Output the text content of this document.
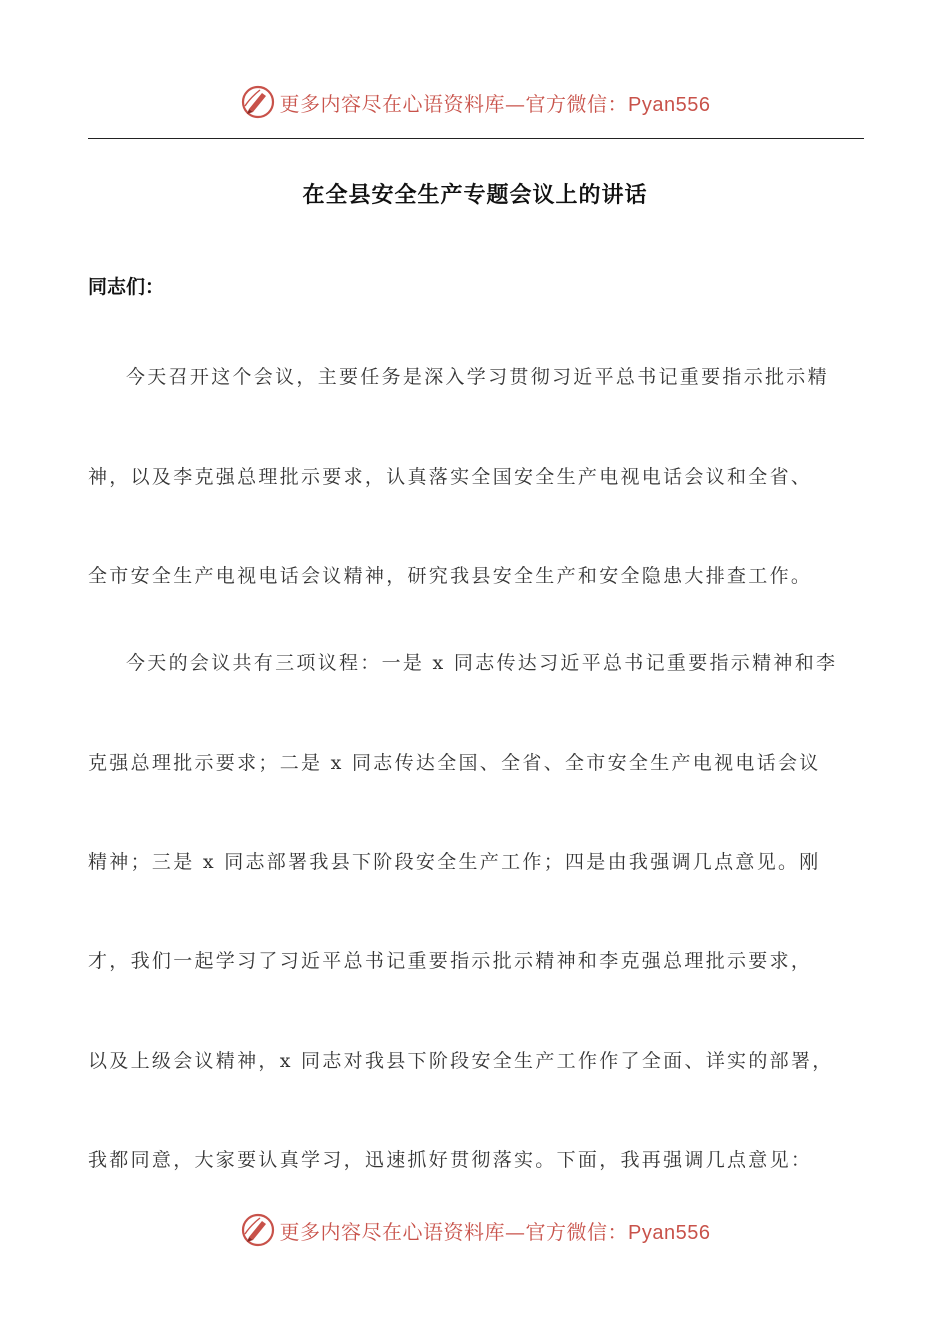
更多内容尽在心语资料库—官方微信：Pyan556
在全县安全生产专题会议上的讲话
同志们：
今天召开这个会议，主要任务是深入学习贯彻习近平总书记重要指示批示精
神，以及李克强总理批示要求，认真落实全国安全生产电视电话会议和全省、
全市安全生产电视电话会议精神，研究我县安全生产和安全隐患大排查工作。
今天的会议共有三项议程：一是 x 同志传达习近平总书记重要指示精神和李
克强总理批示要求；二是 x 同志传达全国、全省、全市安全生产电视电话会议
精神；三是 x 同志部署我县下阶段安全生产工作；四是由我强调几点意见。刚
才，我们一起学习了习近平总书记重要指示批示精神和李克强总理批示要求，
以及上级会议精神，x 同志对我县下阶段安全生产工作作了全面、详实的部署，
我都同意，大家要认真学习，迅速抓好贯彻落实。下面，我再强调几点意见：
更多内容尽在心语资料库—官方微信：Pyan556
